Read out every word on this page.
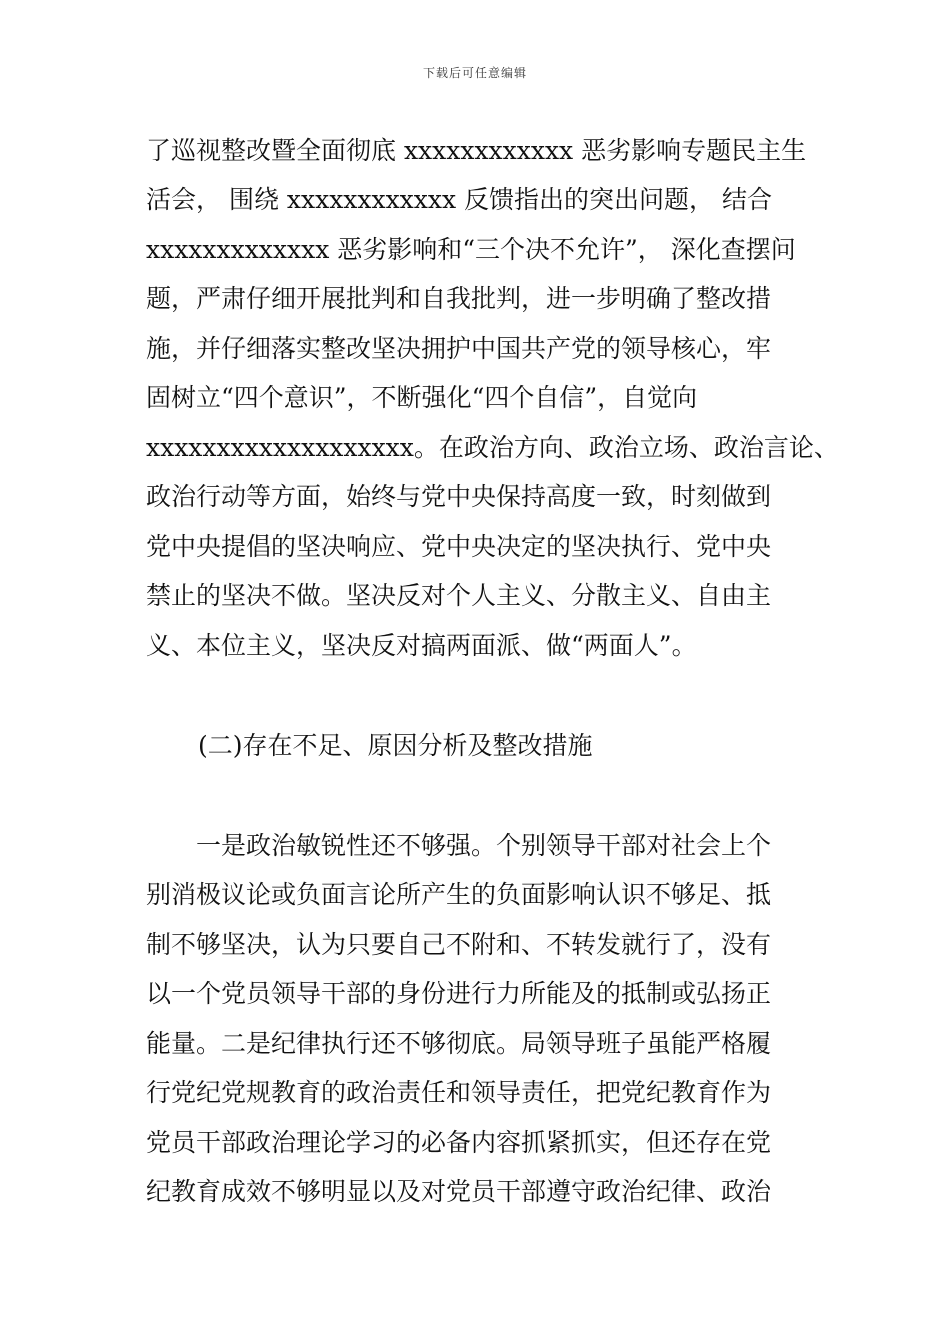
下载后可任意编辑
了巡视整改暨全面彻底 xxxxxxxxxxxx 恶劣影响专题民主生
活会， 围绕 xxxxxxxxxxxx 反馈指出的突出问题， 结合
xxxxxxxxxxxxx 恶劣影响和“三个决不允许”， 深化查摆问
题，严肃仔细开展批判和自我批判，进一步明确了整改措
施，并仔细落实整改坚决拥护中国共产党的领导核心，牢
固树立“四个意识”，不断强化“四个自信”，自觉向
xxxxxxxxxxxxxxxxxxx。在政治方向、政治立场、政治言论、
政治行动等方面，始终与党中央保持高度一致，时刻做到
党中央提倡的坚决响应、党中央决定的坚决执行、党中央
禁止的坚决不做。坚决反对个人主义、分散主义、自由主
义、本位主义，坚决反对搞两面派、做“两面人”。
(二)存在不足、原因分析及整改措施
一是政治敏锐性还不够强。个别领导干部对社会上个
别消极议论或负面言论所产生的负面影响认识不够足、抵
制不够坚决，认为只要自己不附和、不转发就行了，没有
以一个党员领导干部的身份进行力所能及的抵制或弘扬正
能量。二是纪律执行还不够彻底。局领导班子虽能严格履
行党纪党规教育的政治责任和领导责任，把党纪教育作为
党员干部政治理论学习的必备内容抓紧抓实，但还存在党
纪教育成效不够明显以及对党员干部遵守政治纪律、政治
